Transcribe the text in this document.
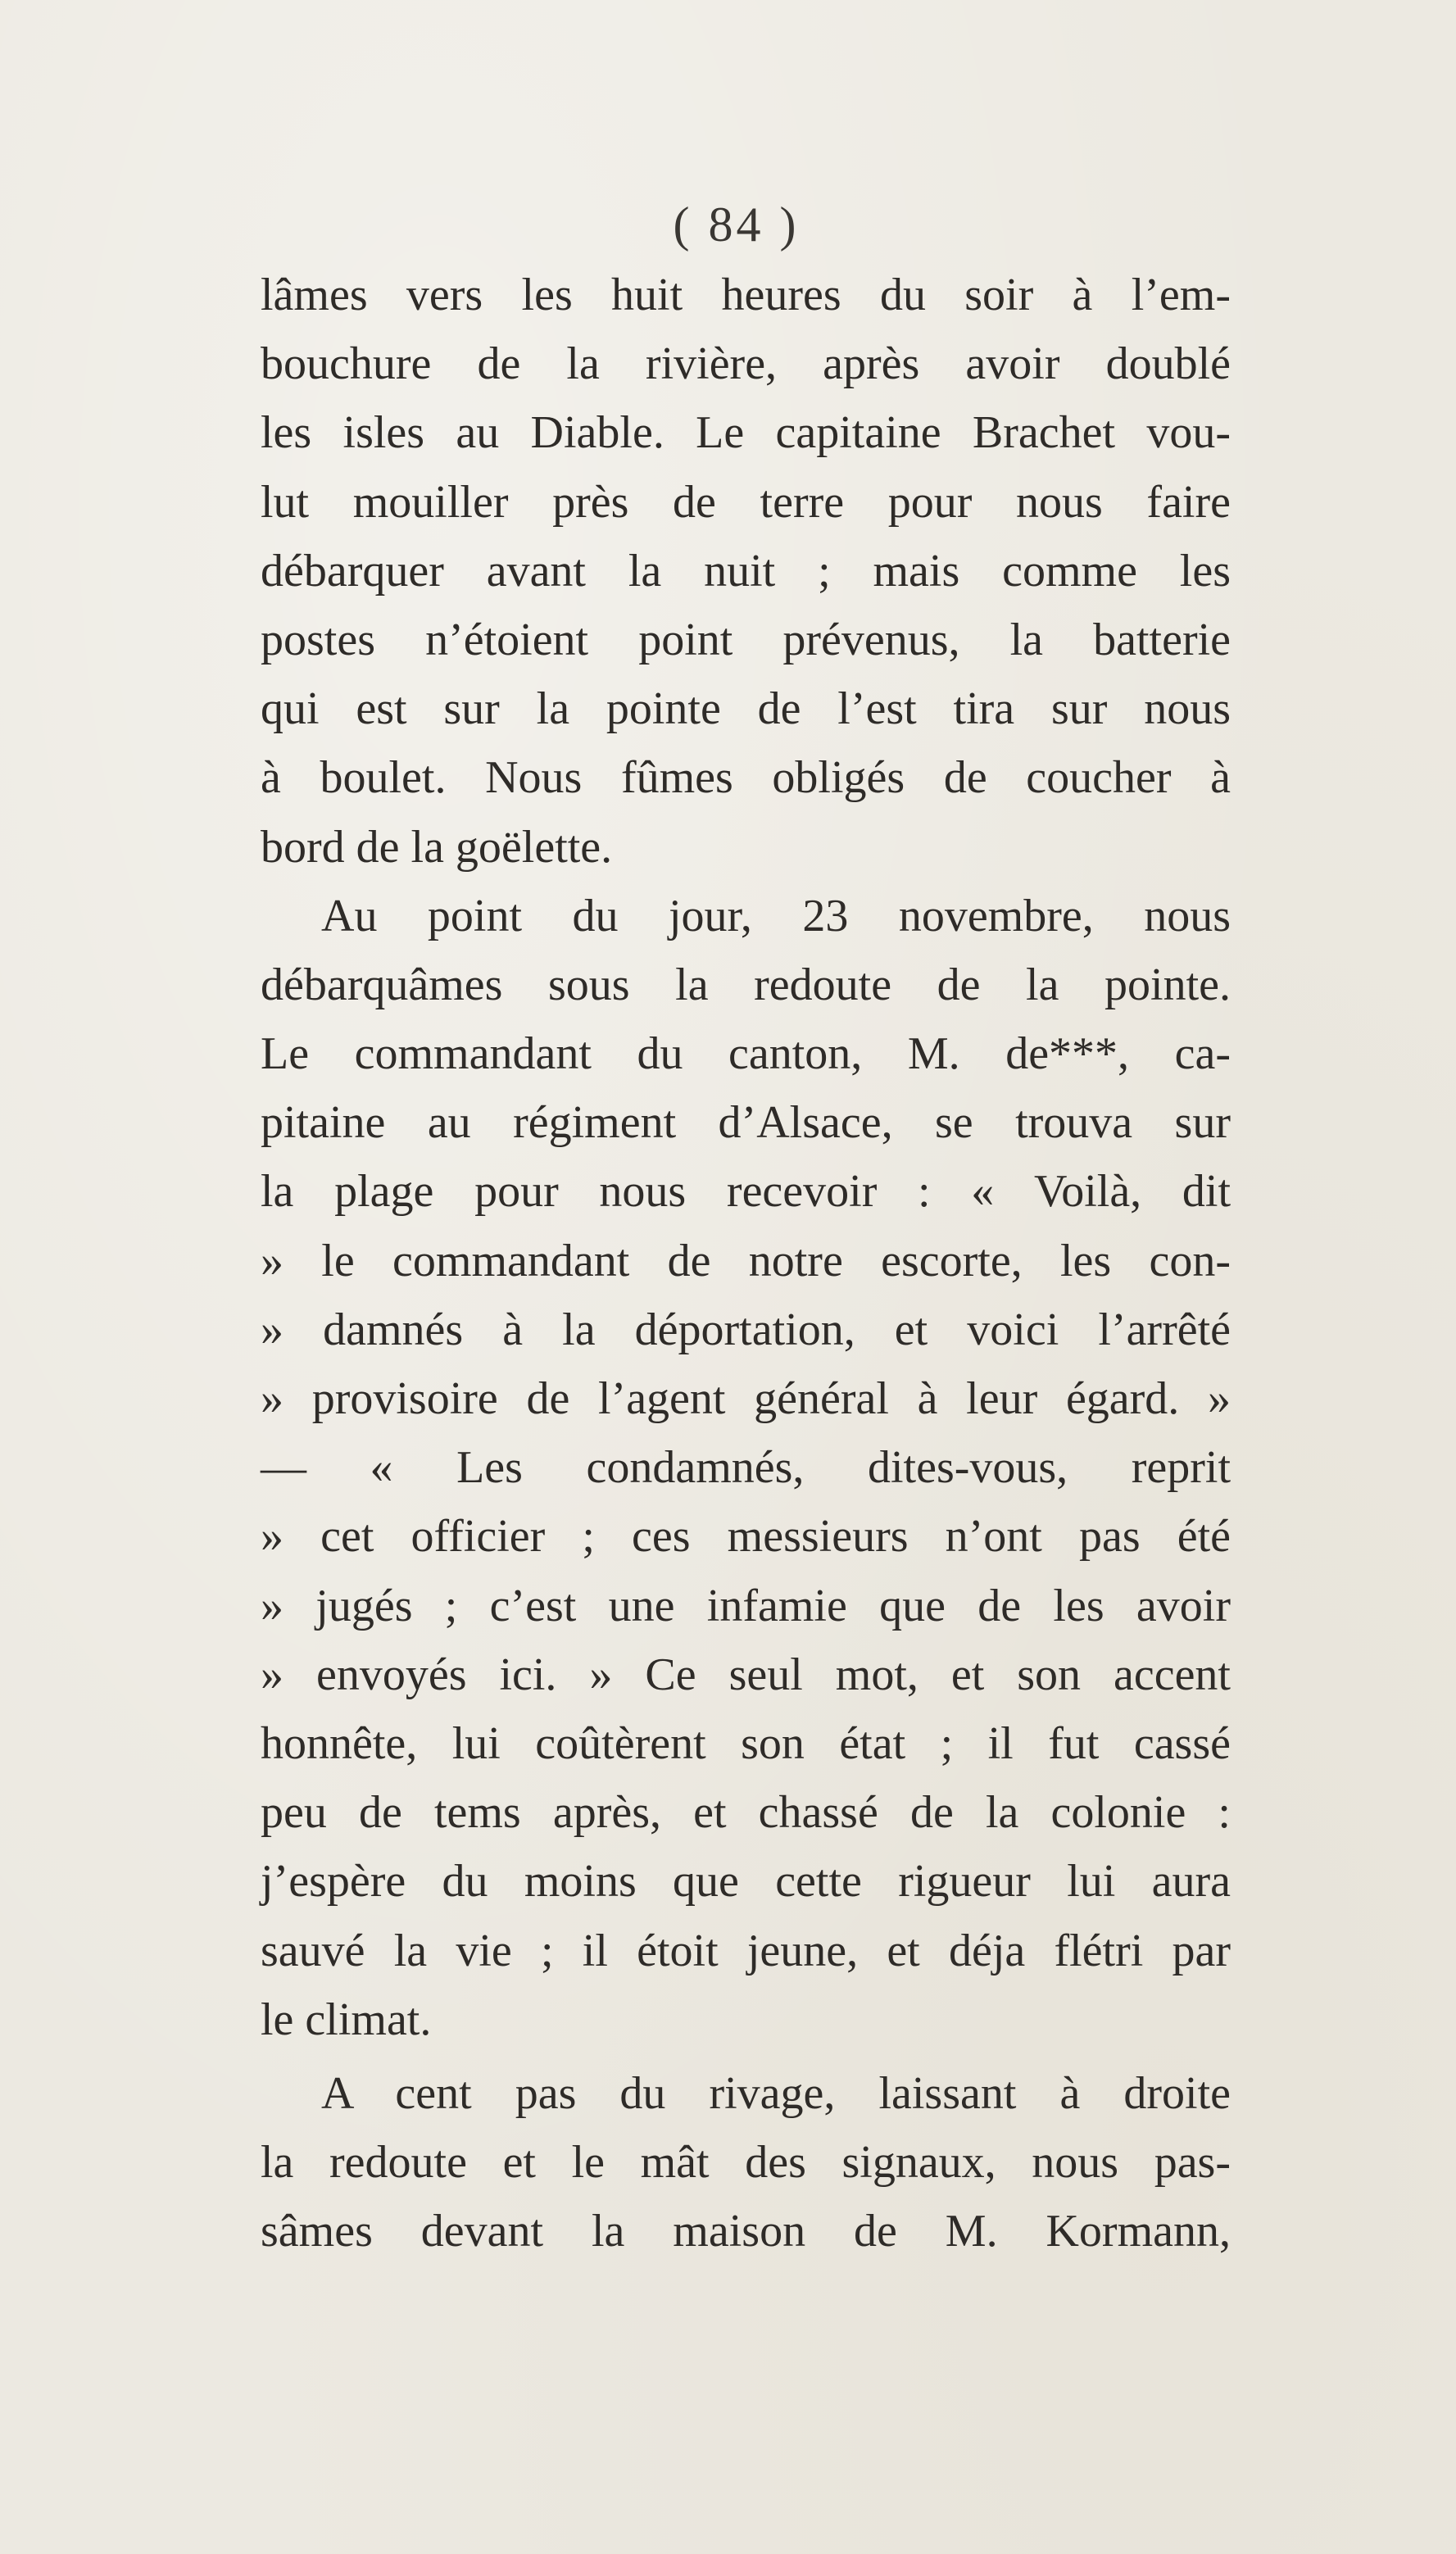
( 84 )
lâmes vers les huit heures du soir à l’em-
bouchure de la rivière, après avoir doublé
les isles au Diable. Le capitaine Brachet vou-
lut mouiller près de terre pour nous faire
débarquer avant la nuit ; mais comme les
postes n’étoient point prévenus, la batterie
qui est sur la pointe de l’est tira sur nous
à boulet. Nous fûmes obligés de coucher à
bord de la goëlette.
Au point du jour, 23 novembre, nous
débarquâmes sous la redoute de la pointe.
Le commandant du canton, M. de***, ca-
pitaine au régiment d’Alsace, se trouva sur
la plage pour nous recevoir : « Voilà, dit
» le commandant de notre escorte, les con-
» damnés à la déportation, et voici l’arrêté
» provisoire de l’agent général à leur égard. »
— « Les condamnés, dites-vous, reprit
» cet officier ; ces messieurs n’ont pas été
» jugés ; c’est une infamie que de les avoir
» envoyés ici. » Ce seul mot, et son accent
honnête, lui coûtèrent son état ; il fut cassé
peu de tems après, et chassé de la colonie :
j’espère du moins que cette rigueur lui aura
sauvé la vie ; il étoit jeune, et déja flétri par
le climat.
A cent pas du rivage, laissant à droite
la redoute et le mât des signaux, nous pas-
sâmes devant la maison de M. Kormann,
